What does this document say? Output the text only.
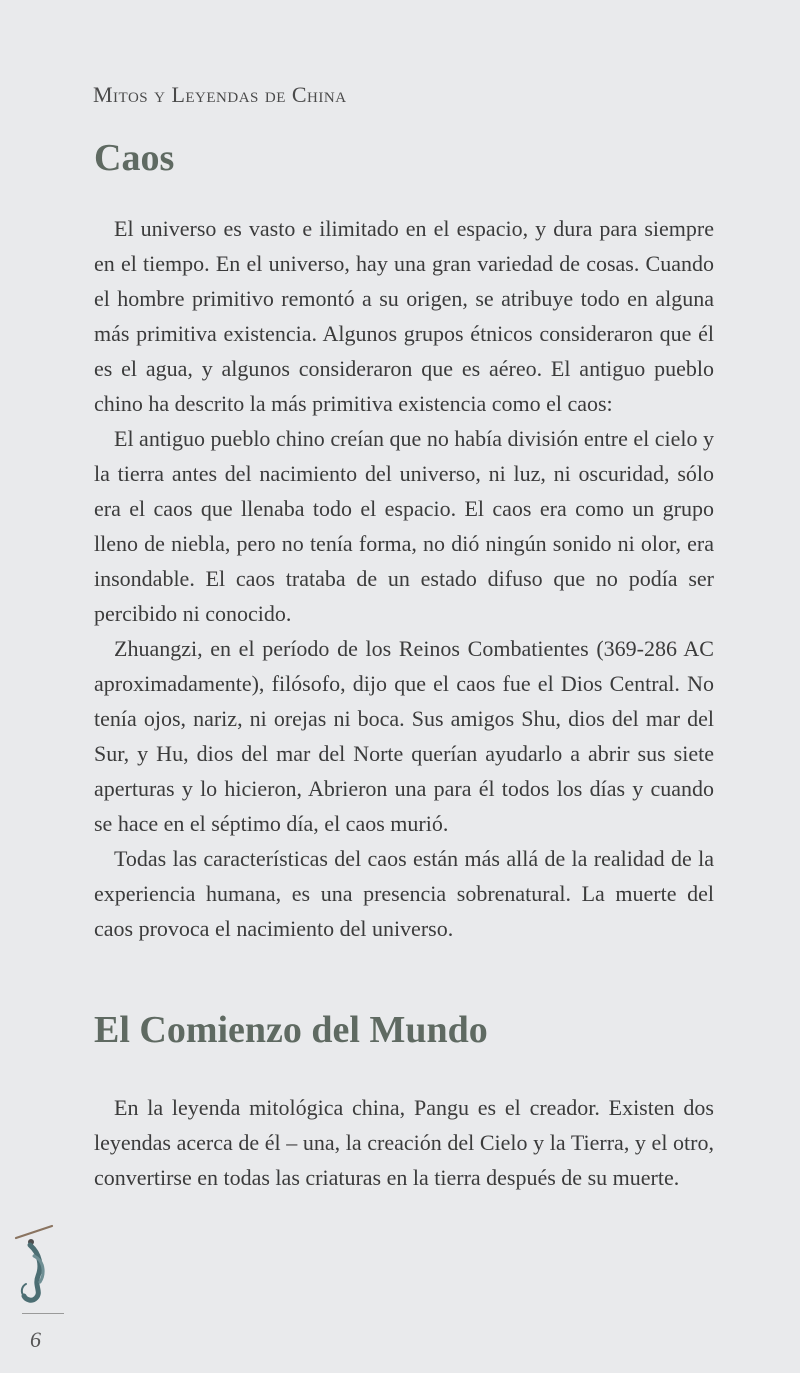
Mitos y Leyendas de China
Caos

El universo es vasto e ilimitado en el espacio, y dura para siempre en el tiempo. En el universo, hay una gran variedad de cosas. Cuando el hombre primitivo remontó a su origen, se atribuye todo en alguna más primitiva existencia. Algunos grupos étnicos consideraron que él es el agua, y algunos consideraron que es aéreo. El antiguo pueblo chino ha descrito la más primitiva existencia como el caos:

El antiguo pueblo chino creían que no había división entre el cielo y la tierra antes del nacimiento del universo, ni luz, ni oscuridad, sólo era el caos que llenaba todo el espacio. El caos era como un grupo lleno de niebla, pero no tenía forma, no dió ningún sonido ni olor, era insondable. El caos trataba de un estado difuso que no podía ser percibido ni conocido.

Zhuangzi, en el período de los Reinos Combatientes (369-286 AC aproximadamente), filósofo, dijo que el caos fue el Dios Central. No tenía ojos, nariz, ni orejas ni boca. Sus amigos Shu, dios del mar del Sur, y Hu, dios del mar del Norte querían ayudarlo a abrir sus siete aperturas y lo hicieron, Abrieron una para él todos los días y cuando se hace en el séptimo día, el caos murió.

Todas las características del caos están más allá de la realidad de la experiencia humana, es una presencia sobrenatural. La muerte del caos provoca el nacimiento del universo.

El Comienzo del Mundo

En la leyenda mitológica china, Pangu es el creador. Existen dos leyendas acerca de él – una, la creación del Cielo y la Tierra, y el otro, convertirse en todas las criaturas en la tierra después de su muerte.

6
